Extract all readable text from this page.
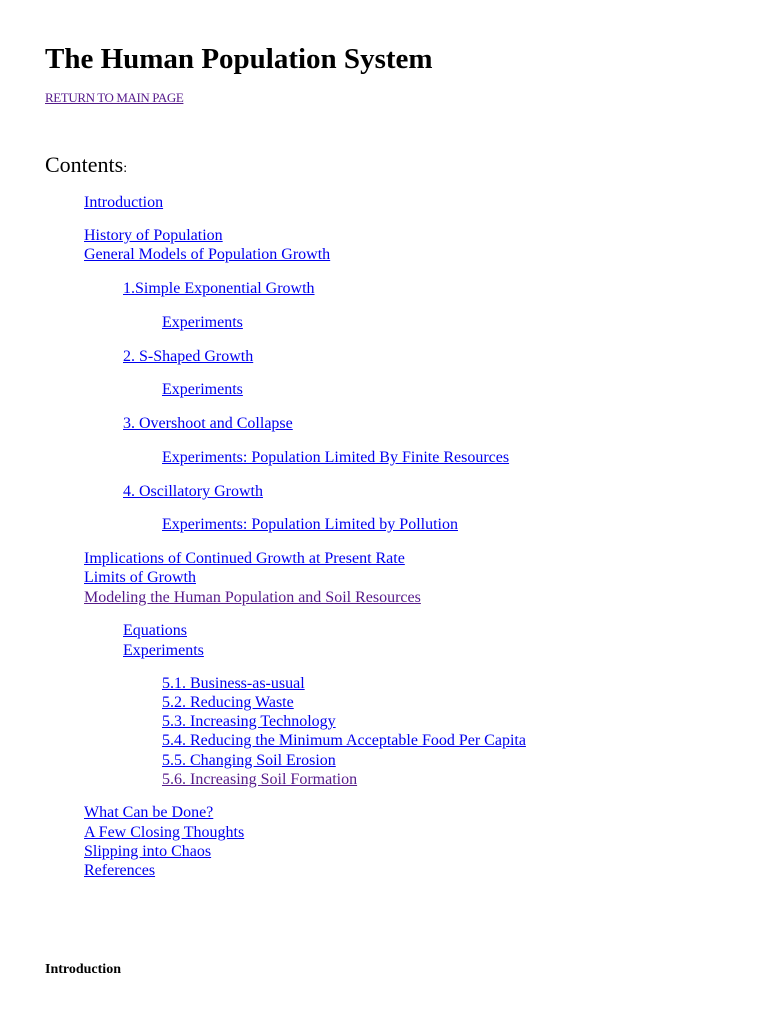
The Human Population System
RETURN TO MAIN PAGE
Contents:
Introduction
History of Population
General Models of Population Growth
1.Simple Exponential Growth
Experiments
2. S-Shaped Growth
Experiments
3. Overshoot and Collapse
Experiments: Population Limited By Finite Resources
4. Oscillatory Growth
Experiments: Population Limited by Pollution
Implications of Continued Growth at Present Rate
Limits of Growth
Modeling the Human Population and Soil Resources
Equations
Experiments
5.1. Business-as-usual
5.2. Reducing Waste
5.3. Increasing Technology
5.4. Reducing the Minimum Acceptable Food Per Capita
5.5. Changing Soil Erosion
5.6. Increasing Soil Formation
What Can be Done?
A Few Closing Thoughts
Slipping into Chaos
References
Introduction
